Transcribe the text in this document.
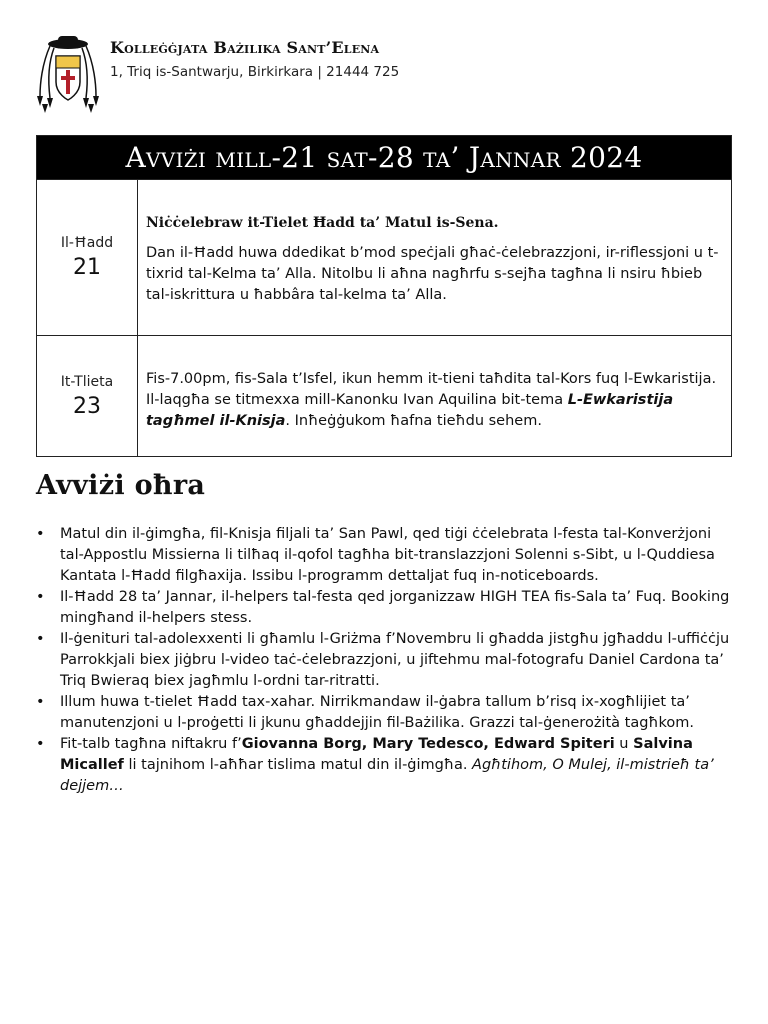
Kolleġġjata Bażilika Sant’Elena
1, Triq is-Santwarju, Birkirkara | 21444 725
Avviżi mill-21 sat-28 ta’ Jannar 2024
Il-Ħadd
21
Niċċelebraw it-Tielet Ħadd ta’ Matul is-Sena.
Dan il-Ħadd huwa ddedikat b’mod speċjali għaċ-ċelebrazzjoni, ir-riflessjoni u t-tixrid tal-Kelma ta’ Alla. Nitolbu li aħna nagħrfu s-sejħa tagħna li nsiru ħbieb tal-iskrittura u ħabbâra tal-kelma ta’ Alla.
It-Tlieta
23
Fis-7.00pm, fis-Sala t’Isfel, ikun hemm it-tieni taħdita tal-Kors fuq l-Ewkaristija. Il-laqgħa se titmexxa mill-Kanonku Ivan Aquilina bit-tema L-Ewkaristija tagħmel il-Knisja. Inħeġġukom ħafna tieħdu sehem.
Avviżi oħra
• Matul din il-ġimgħa, fil-Knisja filjali ta’ San Pawl, qed tiġi ċċelebrata l-festa tal-Konverżjoni tal-Appostlu Missierna li tilħaq il-qofol tagħha bit-translazzjoni Solenni s-Sibt, u l-Quddiesa Kantata l-Ħadd filgħaxija. Issibu l-programm dettaljat fuq in-noticeboards.
• Il-Ħadd 28 ta’ Jannar, il-helpers tal-festa qed jorganizzaw HIGH TEA fis-Sala ta’ Fuq. Booking mingħand il-helpers stess.
• Il-ġenituri tal-adolexxenti li għamlu l-Griżma f’Novembru li għadda jistgħu jgħaddu l-uffiċċju Parrokkjali biex jiġbru l-video taċ-ċelebrazzjoni, u jiftehmu mal-fotografu Daniel Cardona ta’ Triq Bwieraq biex jagħmlu l-ordni tar-ritratti.
• Illum huwa t-tielet Ħadd tax-xahar. Nirrikmandaw il-ġabra tallum b’risq ix-xogħlijiet ta’ manutenzjoni u l-proġetti li jkunu għaddejjin fil-Bażilika. Grazzi tal-ġenerożità tagħkom.
• Fit-talb tagħna niftakru f’Giovanna Borg, Mary Tedesco, Edward Spiteri u Salvina Micallef li tajnihom l-aħħar tislima matul din il-ġimgħa. Agħtihom, O Mulej, il-mistrieħ ta’ dejjem…
